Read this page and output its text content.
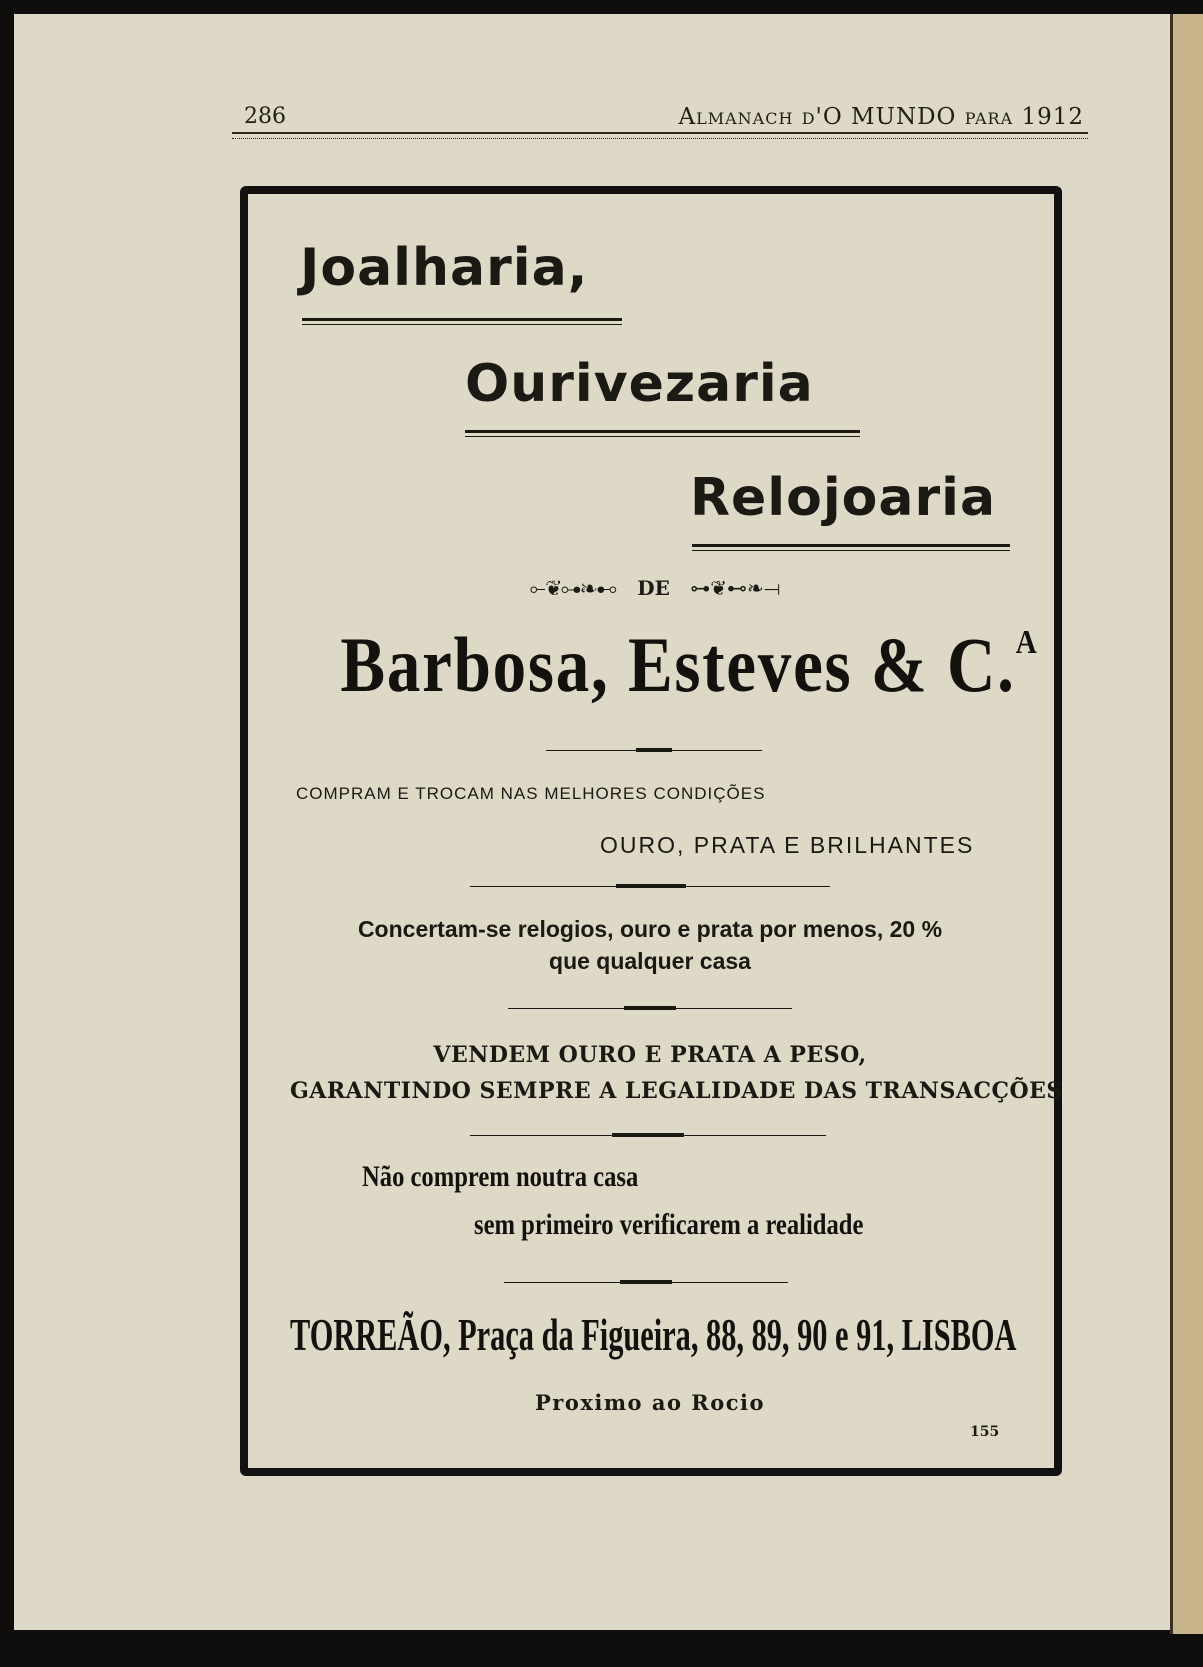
286	Almanach d'O MUNDO para 1912
Joalharia,
Ourivezaria
Relojoaria
⟜❦⊶❧⊷ DE ⊶❦⊷❧⟞
Barbosa, Esteves & C.$^A$
COMPRAM E TROCAM NAS MELHORES CONDIÇÕES
OURO, PRATA E BRILHANTES
Concertam-se relogios, ouro e prata por menos, 20 %
que qualquer casa
VENDEM OURO E PRATA A PESO,
GARANTINDO SEMPRE A LEGALIDADE DAS TRANSACÇÕES
Não comprem noutra casa
sem primeiro verificarem a realidade
TORREÃO, Praça da Figueira, 88, 89, 90 e 91, LISBOA
Proximo ao Rocio
155
